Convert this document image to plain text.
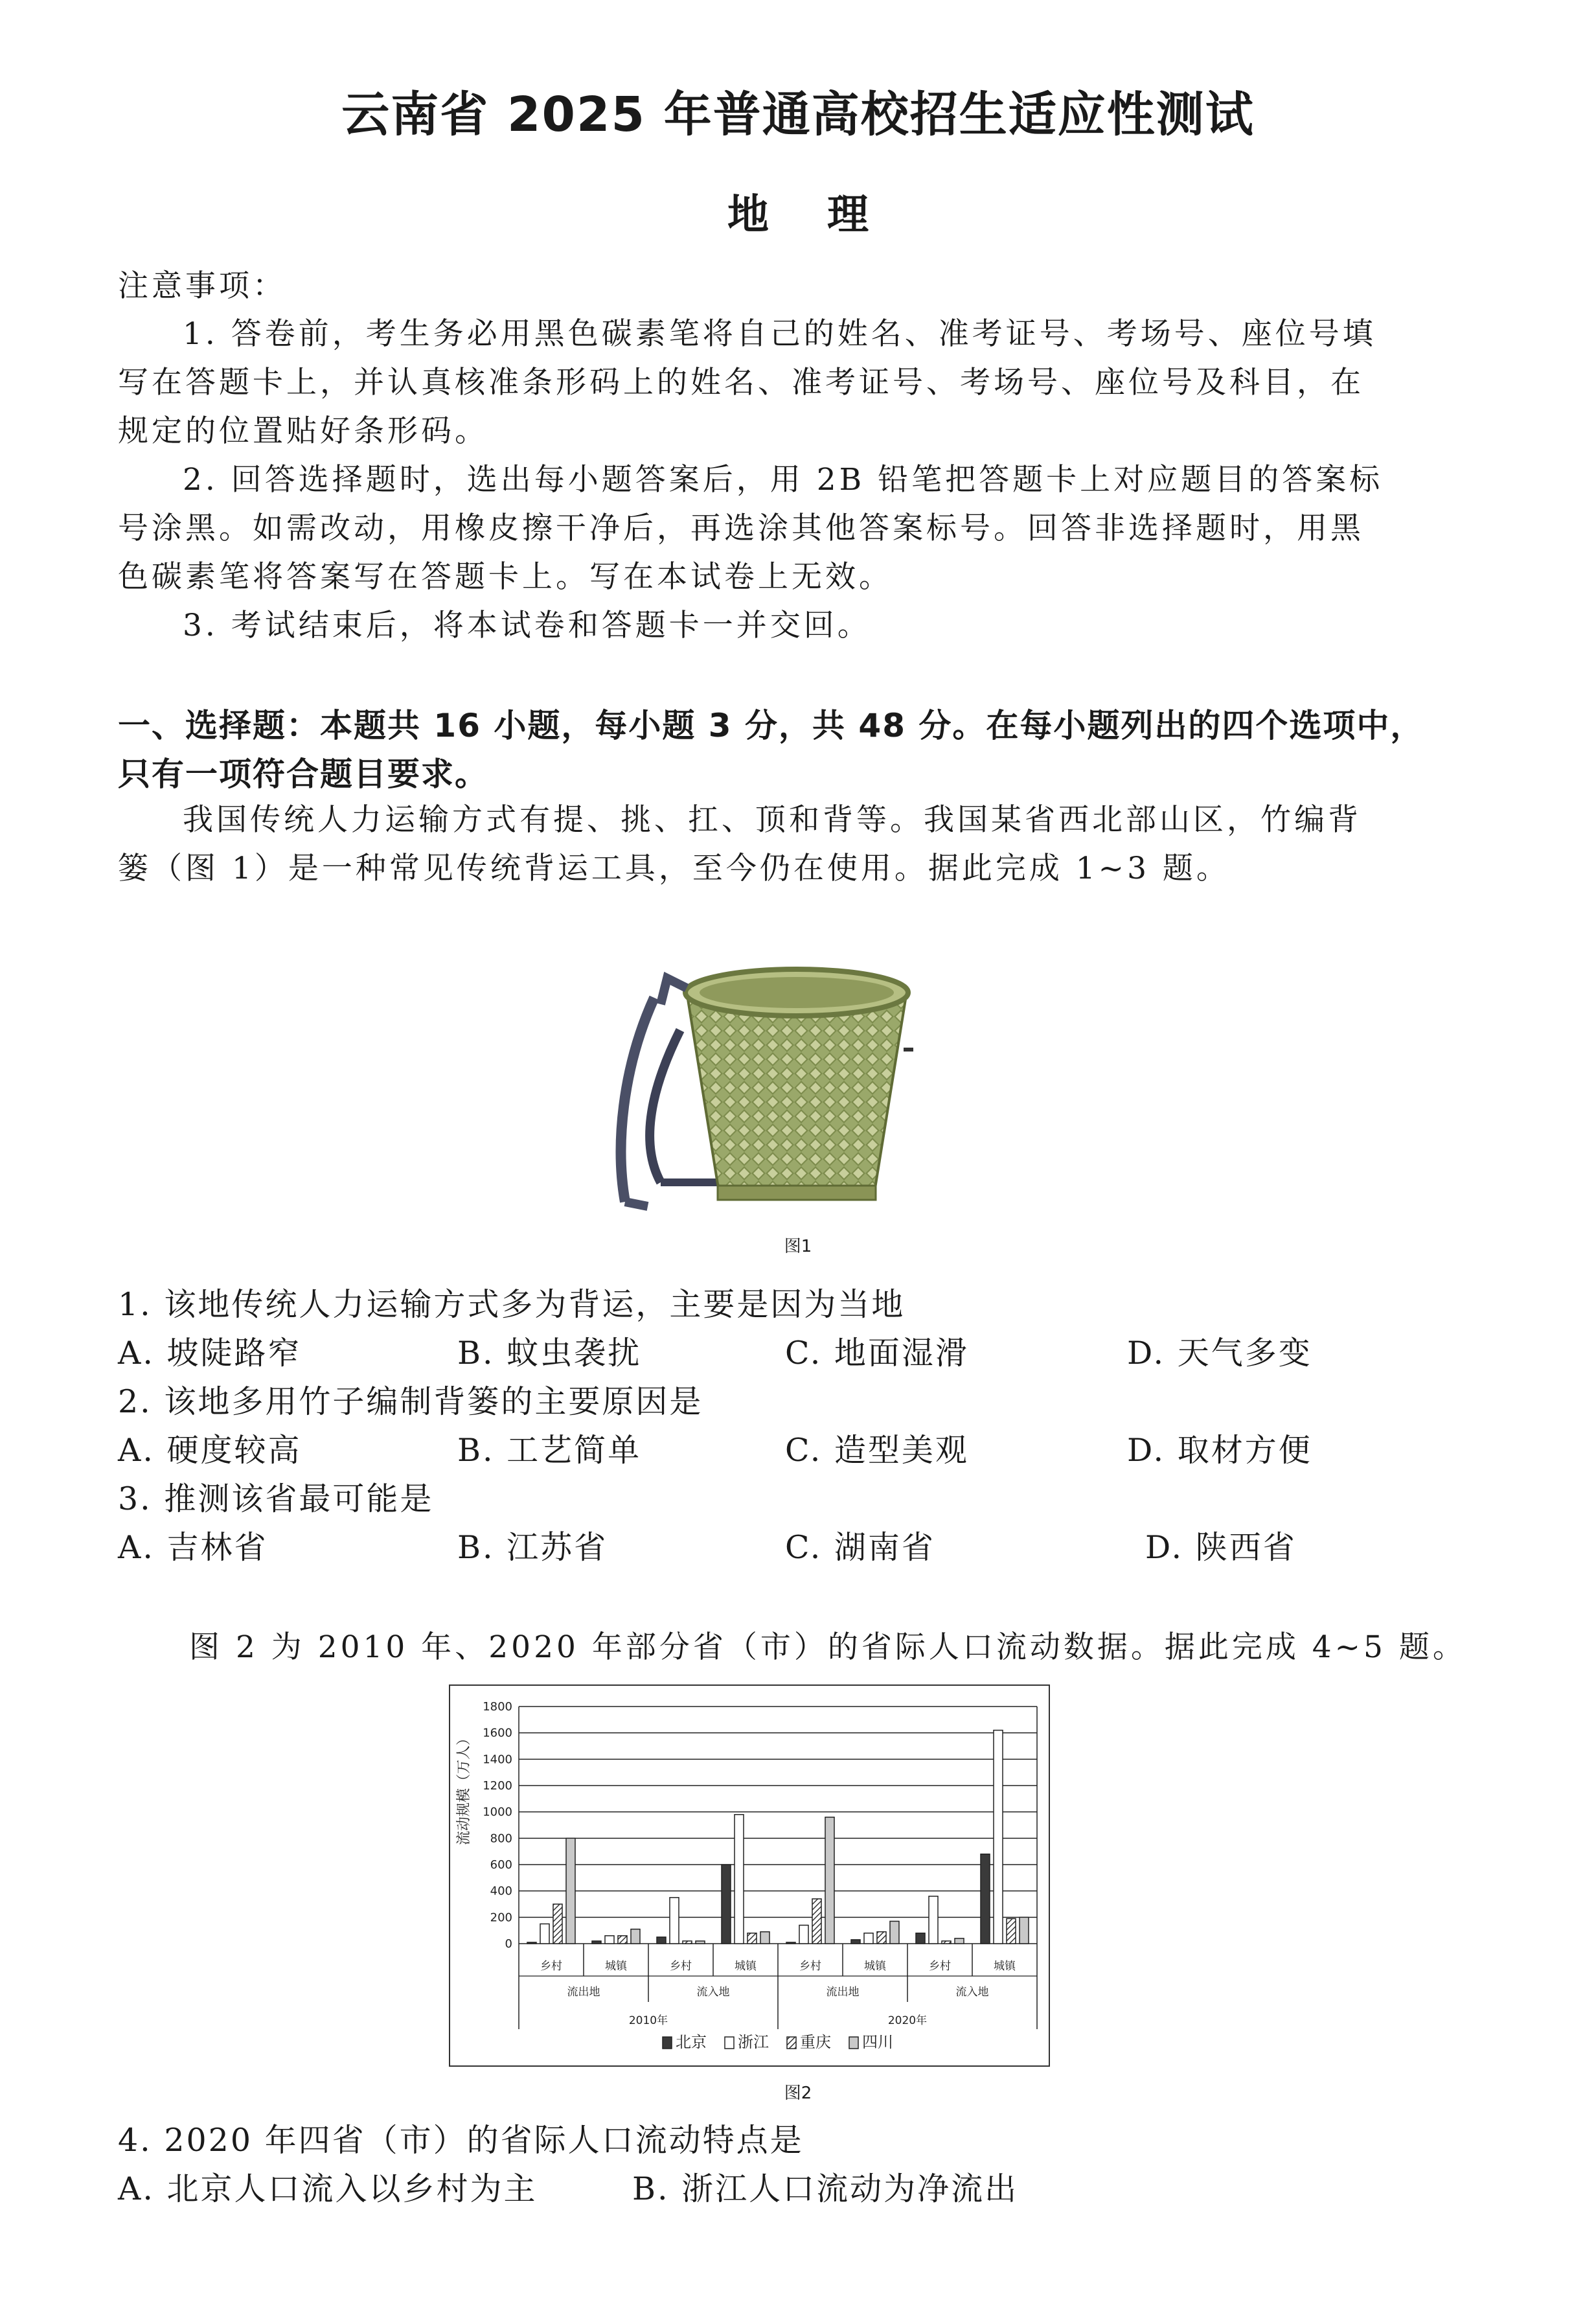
云南省 2025 年普通高校招生适应性测试
地理
注意事项：
1. 答卷前，考生务必用黑色碳素笔将自己的姓名、准考证号、考场号、座位号填
写在答题卡上，并认真核准条形码上的姓名、准考证号、考场号、座位号及科目，在
规定的位置贴好条形码。
2. 回答选择题时，选出每小题答案后，用 2B 铅笔把答题卡上对应题目的答案标
号涂黑。如需改动，用橡皮擦干净后，再选涂其他答案标号。回答非选择题时，用黑
色碳素笔将答案写在答题卡上。写在本试卷上无效。
3. 考试结束后，将本试卷和答题卡一并交回。
一、选择题：本题共 16 小题，每小题 3 分，共 48 分。在每小题列出的四个选项中，
只有一项符合题目要求。
我国传统人力运输方式有提、挑、扛、顶和背等。我国某省西北部山区，竹编背
篓（图 1）是一种常见传统背运工具，至今仍在使用。据此完成 1~3 题。
图1
1. 该地传统人力运输方式多为背运，主要是因为当地
A. 坡陡路窄	B. 蚊虫袭扰	C. 地面湿滑	D. 天气多变
2. 该地多用竹子编制背篓的主要原因是
A. 硬度较高	B. 工艺简单	C. 造型美观	D. 取材方便
3. 推测该省最可能是
A. 吉林省	B. 江苏省	C. 湖南省	D. 陕西省
图 2 为 2010 年、2020 年部分省（市）的省际人口流动数据。据此完成 4~5 题。
0
200
400
600
800
1000
1200
1400
1600
1800
乡村	城镇	乡村	城镇	乡村	城镇	乡村	城镇
流出地	流入地	流出地	流入地
2010年	2020年
流动规模（万人）
北京 浙江 重庆 四川
图2
4. 2020 年四省（市）的省际人口流动特点是
A. 北京人口流入以乡村为主	B. 浙江人口流动为净流出
